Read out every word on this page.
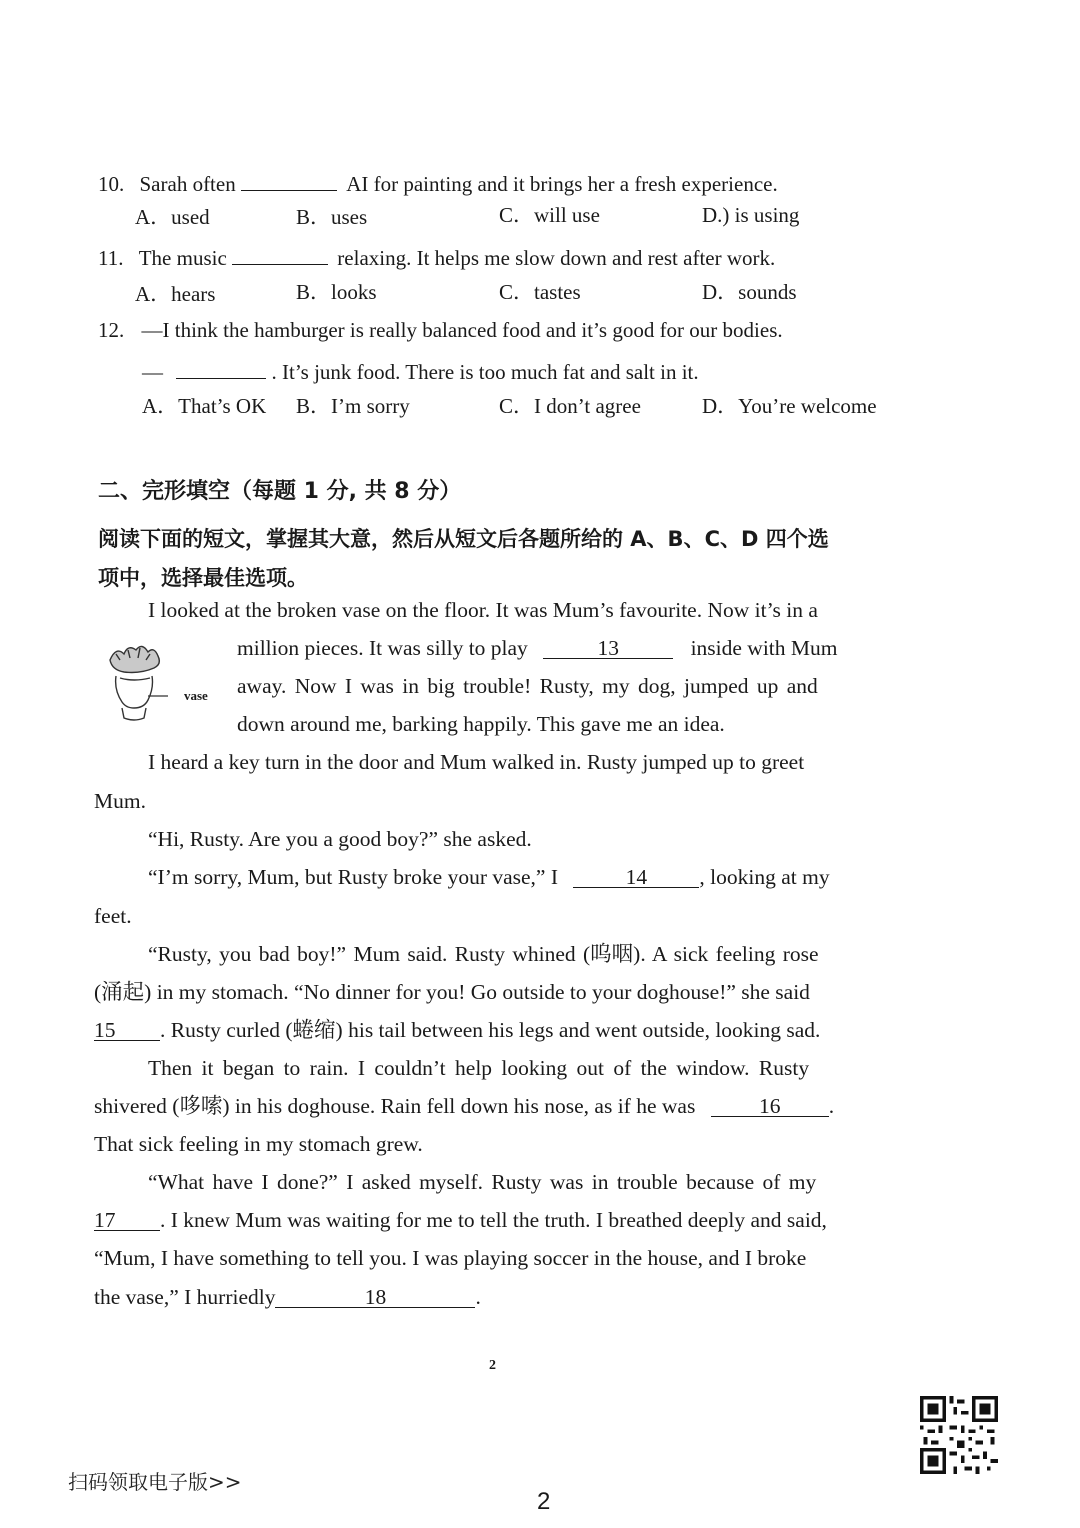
10. Sarah often	AI for painting and it brings her a fresh experience.
A．used	B．uses	C．will use	D.) is using
11. The music	relaxing. It helps me slow down and rest after work.
A．hears	B．looks	C．tastes	D．sounds
12. —I think the hamburger is really balanced food and it’s good for our bodies.
—	. It’s junk food. There is too much fat and salt in it.
A．That’s OK B．I’m sorry	C．I don’t agree	D．You’re welcome
二、完形填空（每题 1 分, 共 8 分）
阅读下面的短文，掌握其大意，然后从短文后各题所给的 A、B、C、D 四个选
项中，选择最佳选项。
vase
I looked at the broken vase on the floor. It was Mum’s favourite. Now it’s in a
million pieces. It was silly to play	13	inside with Mum
away. Now I was in big trouble! Rusty, my dog, jumped up and
down around me, barking happily. This gave me an idea.
I heard a key turn in the door and Mum walked in. Rusty jumped up to greet
Mum.
“Hi, Rusty. Are you a good boy?” she asked.
“I’m sorry, Mum, but Rusty broke your vase,” I	14 , looking at my
feet.
“Rusty, you bad boy!” Mum said. Rusty whined (呜咽). A sick feeling rose
(涌起) in my stomach. “No dinner for you! Go outside to your doghouse!” she said
15 . Rusty curled (蜷缩) his tail between his legs and went outside, looking sad.
Then it began to rain. I couldn’t help looking out of the window. Rusty
shivered (哆嗦) in his doghouse. Rain fell down his nose, as if he was	16 .
That sick feeling in my stomach grew.
“What have I done?” I asked myself. Rusty was in trouble because of my
17 . I knew Mum was waiting for me to tell the truth. I breathed deeply and said,
“Mum, I have something to tell you. I was playing soccer in the house, and I broke
the vase,” I hurriedly	18	.
2
扫码领取电子版>>
2
